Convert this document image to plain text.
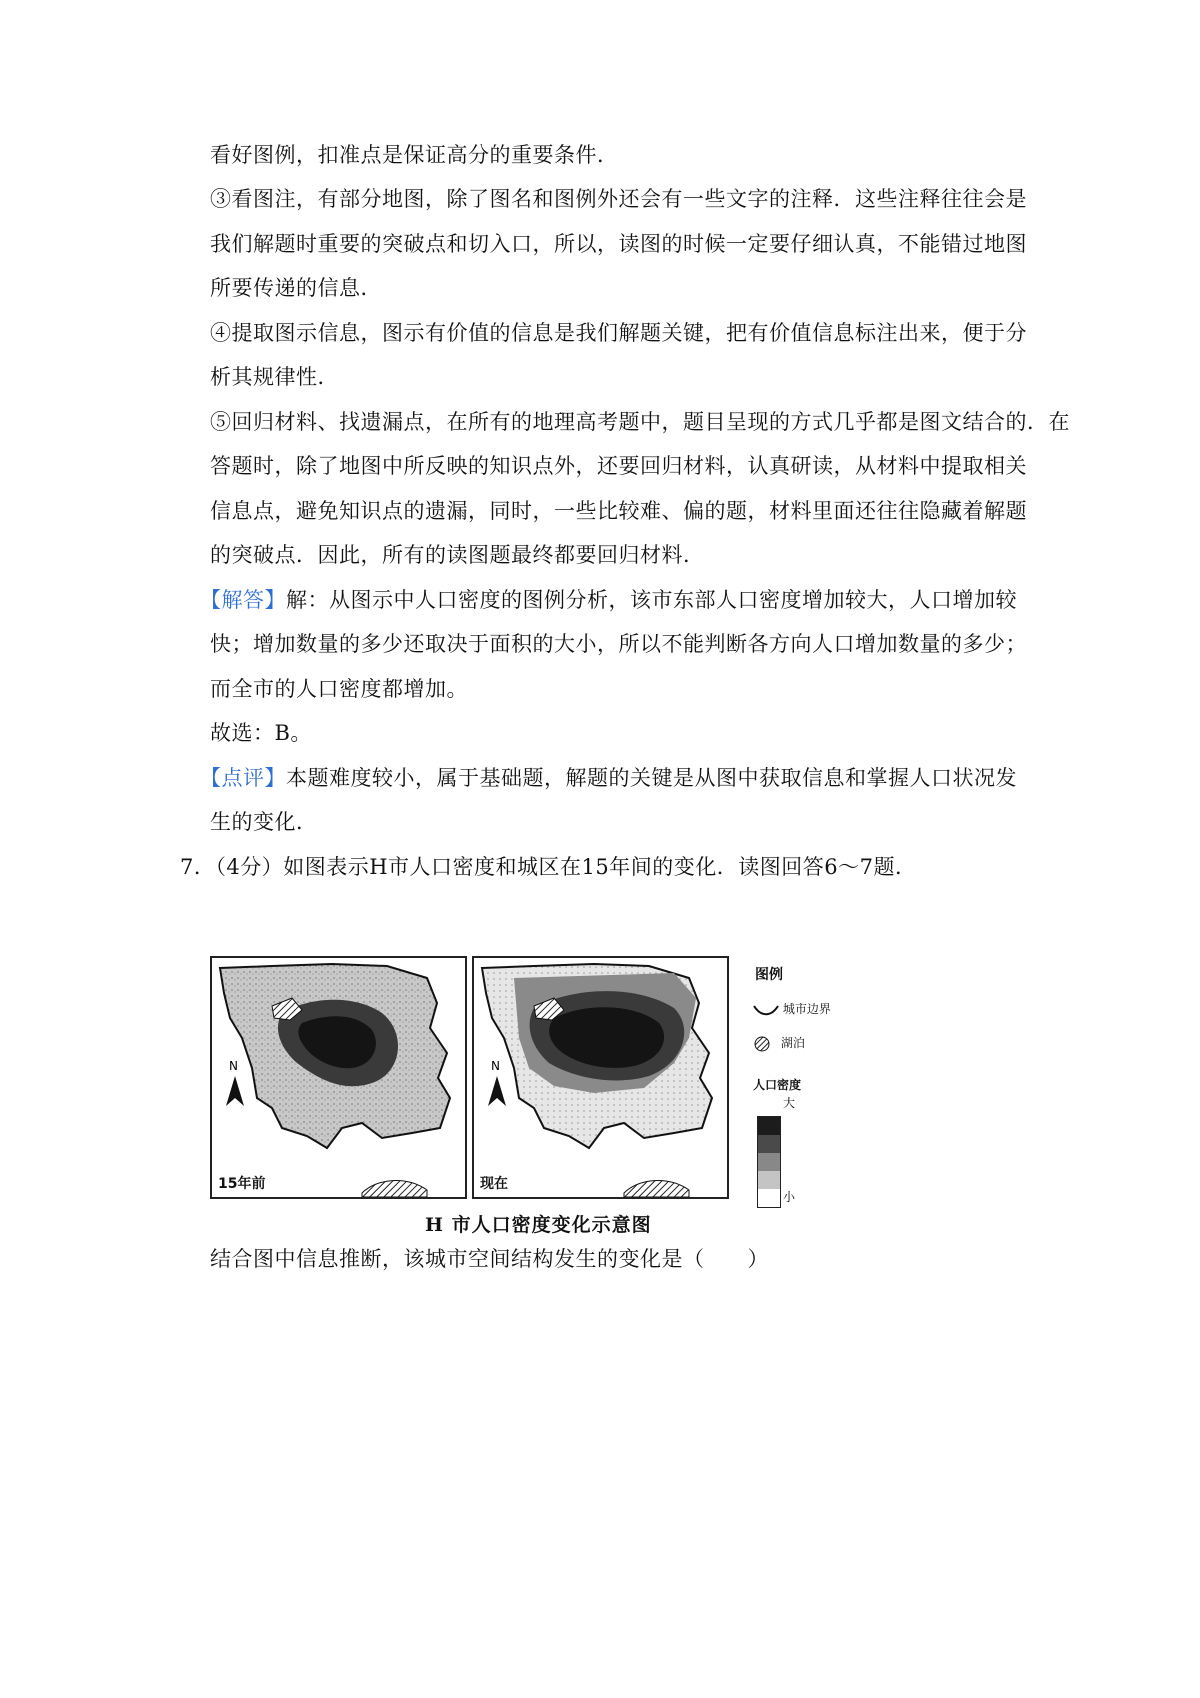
看好图例，扣准点是保证高分的重要条件．
③看图注，有部分地图，除了图名和图例外还会有一些文字的注释．这些注释往往会是
我们解题时重要的突破点和切入口，所以，读图的时候一定要仔细认真，不能错过地图
所要传递的信息．
④提取图示信息，图示有价值的信息是我们解题关键，把有价值信息标注出来，便于分
析其规律性．
⑤回归材料、找遗漏点，在所有的地理高考题中，题目呈现的方式几乎都是图文结合的．在
答题时，除了地图中所反映的知识点外，还要回归材料，认真研读，从材料中提取相关
信息点，避免知识点的遗漏，同时，一些比较难、偏的题，材料里面还往往隐藏着解题
的突破点．因此，所有的读图题最终都要回归材料．
【解答】解：从图示中人口密度的图例分析，该市东部人口密度增加较大，人口增加较
快；增加数量的多少还取决于面积的大小，所以不能判断各方向人口增加数量的多少；
而全市的人口密度都增加。
故选：B。
【点评】本题难度较小，属于基础题，解题的关键是从图中获取信息和掌握人口状况发
生的变化．
7．（4分）如图表示H市人口密度和城区在15年间的变化．读图回答6～7题．
N
15年前
N
现在
图例
城市边界
湖泊
人口密度
大
小
H 市人口密度变化示意图
结合图中信息推断，该城市空间结构发生的变化是（　　）
